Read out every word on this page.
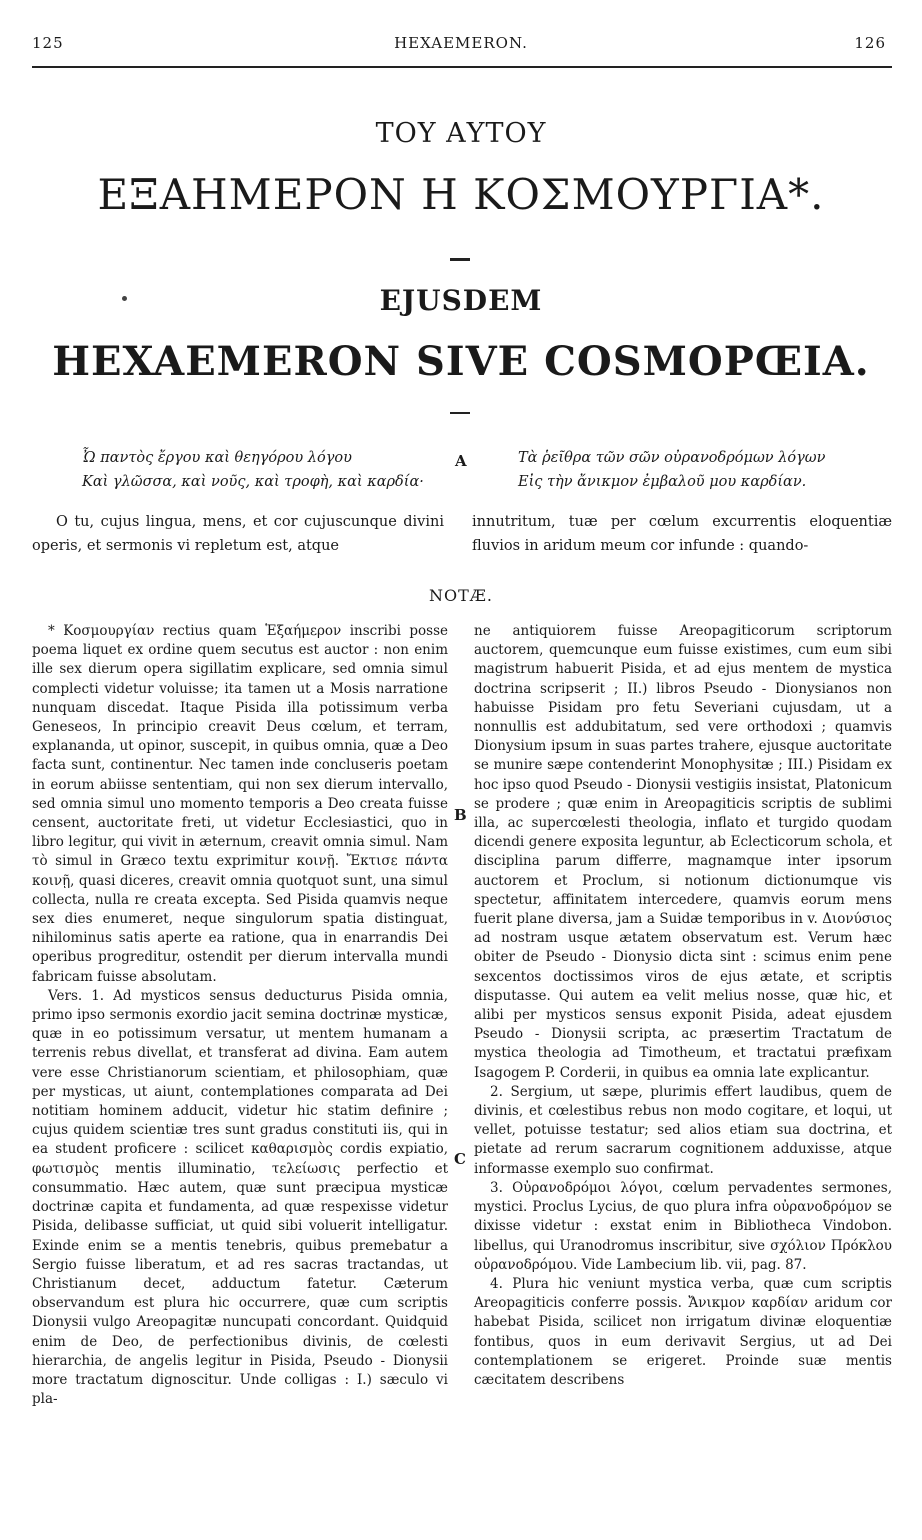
125	HEXAEMERON.	126
ΤΟΥ ΑΥΤΟΥ
ΕΞΑΗΜΕΡΟΝ Η ΚΟΣΜΟΥΡΓΙΑ*.
EJUSDEM
HEXAEMERON SIVE COSMOPŒIA.
Ὦ παντὸς ἔργου καὶ θεηγόρου λόγου
Καὶ γλῶσσα, καὶ νοῦς, καὶ τροφὴ, καὶ καρδία·
A	Τὰ ῥεῖθρα τῶν σῶν οὐρανοδρόμων λόγων
Εἰς τὴν ἄνικμον ἐμβαλοῦ μου καρδίαν.
O tu, cujus lingua, mens, et cor cujuscunque divini operis, et sermonis vi repletum est, atque
innutritum, tuæ per cœlum excurrentis eloquentiæ fluvios in aridum meum cor infunde : quando-
NOTÆ.

* Κοσμουργίαν rectius quam Ἑξαήμερον inscribi posse poema liquet ex ordine quem secutus est auctor : non enim ille sex dierum opera sigillatim explicare, sed omnia simul complecti videtur voluisse; ita tamen ut a Mosis narratione nunquam discedat. Itaque Pisida illa potissimum verba Geneseos, In principio creavit Deus cœlum, et terram, explananda, ut opinor, suscepit, in quibus omnia, quæ a Deo facta sunt, continentur. Nec tamen inde concluseris poetam in eorum abiisse sententiam, qui non sex dierum intervallo, sed omnia simul uno momento temporis a Deo creata fuisse censent, auctoritate freti, ut videtur Ecclesiastici, quo in libro legitur, qui vivit in æternum, creavit omnia simul. Nam τὸ simul in Græco textu exprimitur κοινῇ. Ἔκτισε πάντα κοινῇ, quasi diceres, creavit omnia quotquot sunt, una simul collecta, nulla re creata excepta. Sed Pisida quamvis neque sex dies enumeret, neque singulorum spatia distinguat, nihilominus satis aperte ea ratione, qua in enarrandis Dei operibus progreditur, ostendit per dierum intervalla mundi fabricam fuisse absolutam.

Vers. 1. Ad mysticos sensus deducturus Pisida omnia, primo ipso sermonis exordio jacit semina doctrinæ mysticæ, quæ in eo potissimum versatur, ut mentem humanam a terrenis rebus divellat, et transferat ad divina. Eam autem vere esse Christianorum scientiam, et philosophiam, quæ per mysticas, ut aiunt, contemplationes comparata ad Dei notitiam hominem adducit, videtur hic statim definire ; cujus quidem scientiæ tres sunt gradus constituti iis, qui in ea student proficere : scilicet καθαρισμὸς cordis expiatio, φωτισμὸς mentis illuminatio, τελείωσις perfectio et consummatio. Hæc autem, quæ sunt præcipua mysticæ doctrinæ capita et fundamenta, ad quæ respexisse videtur Pisida, delibasse sufficiat, ut quid sibi voluerit intelligatur. Exinde enim se a mentis tenebris, quibus premebatur a Sergio fuisse liberatum, et ad res sacras tractandas, ut Christianum decet, adductum fatetur. Cæterum observandum est plura hic occurrere, quæ cum scriptis Dionysii vulgo Areopagitæ nuncupati concordant. Quidquid enim de Deo, de perfectionibus divinis, de cœlesti hierarchia, de angelis legitur in Pisida, Pseudo - Dionysii more tractatum dignoscitur. Unde colligas : I.) sæculo vi pla-

B
C

ne antiquiorem fuisse Areopagiticorum scriptorum auctorem, quemcunque eum fuisse existimes, cum eum sibi magistrum habuerit Pisida, et ad ejus mentem de mystica doctrina scripserit ; II.) libros Pseudo - Dionysianos non habuisse Pisidam pro fetu Severiani cujusdam, ut a nonnullis est addubitatum, sed vere orthodoxi ; quamvis Dionysium ipsum in suas partes trahere, ejusque auctoritate se munire sæpe contenderint Monophysitæ ; III.) Pisidam ex hoc ipso quod Pseudo - Dionysii vestigiis insistat, Platonicum se prodere ; quæ enim in Areopagiticis scriptis de sublimi illa, ac supercœlesti theologia, inflato et turgido quodam dicendi genere exposita leguntur, ab Eclecticorum schola, et disciplina parum differre, magnamque inter ipsorum auctorem et Proclum, si notionum dictionumque vis spectetur, affinitatem intercedere, quamvis eorum mens fuerit plane diversa, jam a Suidæ temporibus in v. Διονύσιος ad nostram usque ætatem observatum est. Verum hæc obiter de Pseudo - Dionysio dicta sint : scimus enim pene sexcentos doctissimos viros de ejus ætate, et scriptis disputasse. Qui autem ea velit melius nosse, quæ hic, et alibi per mysticos sensus exponit Pisida, adeat ejusdem Pseudo - Dionysii scripta, ac præsertim Tractatum de mystica theologia ad Timotheum, et tractatui præfixam Isagogem P. Corderii, in quibus ea omnia late explicantur.

2. Sergium, ut sæpe, plurimis effert laudibus, quem de divinis, et cœlestibus rebus non modo cogitare, et loqui, ut vellet, potuisse testatur; sed alios etiam sua doctrina, et pietate ad rerum sacrarum cognitionem adduxisse, atque informasse exemplo suo confirmat.

3. Οὐρανοδρόμοι λόγοι, cœlum pervadentes sermones, mystici. Proclus Lycius, de quo plura infra οὐρανοδρόμον se dixisse videtur : exstat enim in Bibliotheca Vindobon. libellus, qui Uranodromus inscribitur, sive σχόλιον Πρόκλου οὐρανοδρόμου. Vide Lambecium lib. vii, pag. 87.

4. Plura hic veniunt mystica verba, quæ cum scriptis Areopagiticis conferre possis. Ἄνικμον καρδίαν aridum cor habebat Pisida, scilicet non irrigatum divinæ eloquentiæ fontibus, quos in eum derivavit Sergius, ut ad Dei contemplationem se erigeret. Proinde suæ mentis cæcitatem describens
